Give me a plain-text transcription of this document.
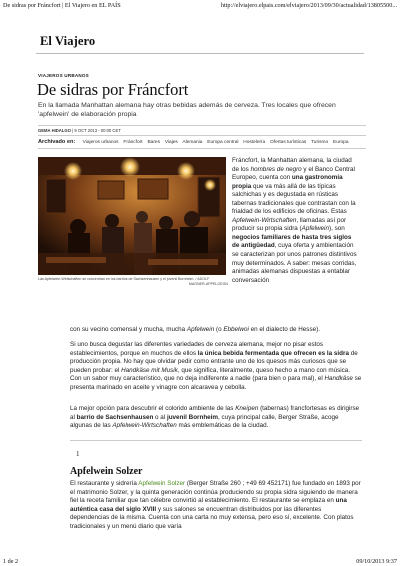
De sidras por Fráncfort | El Viajero en EL PAÍS	http://elviajero.elpais.com/elviajero/2013/09/30/actualidad/13805500...
El Viajero
VIAJEROS URBANOS
De sidras por Fráncfort

En la llamada Manhattan alemana hay otras bebidas además de cerveza. Tres locales que ofrecen 'apfelwein' de elaboración propia

GEMA HIDALGO | 9 OCT 2013 - 00:00 CET
Archivado en: Viajeros urbanos Fráncfort Bares Viajes Alemania Europa central Hostelería Ofertas turísticas Turismo Europa
Las Apfelwein-Wirtschaften se concentran en los barrios de Sachsenhausen y el juvenil Bornheim. / ADOLF
MAGNER-APPELGEGN
Fráncfort, la Manhattan alemana, la ciudad de los hombres de negro y el Banco Central Europeo, cuenta con una gastronomía propia que va más allá de las típicas salchichas y es degustada en rústicas tabernas tradicionales que contrastan con la frialdad de los edificios de oficinas. Estas Apfelwein-Wirtschaften, llamadas así por producir su propia sidra (Apfelwein), son negocios familiares de hasta tres siglos de antigüedad, cuya oferta y ambientación se caracterizan por unos patrones distintivos muy determinados. A saber: mesas corridas, animadas alemanas dispuestas a entablar conversación
con su vecino comensal y mucha, mucha Apfelwein (o Ebbelwoi en el dialecto de Hesse).
Si uno busca degustar las diferentes variedades de cerveza alemana, mejor no pisar estos establecimientos, porque en muchos de ellos la única bebida fermentada que ofrecen es la sidra de producción propia. No hay que olvidar pedir como entrante uno de los quesos más curiosos que se pueden probar: el Handkäse mit Musik, que significa, literalmente, queso hecho a mano con música. Con un sabor muy característico, que no deja indiferente a nadie (para bien o para mal), el Handkäse se presenta marinado en aceite y vinagre con alcaravea y cebolla.
La mejor opción para descubrir el colorido ambiente de las Kneipen (tabernas) francfortesas es dirigirse al barrio de Sachsenhausen o al juvenil Bornheim, cuya principal calle, Berger Straße, acoge algunas de las Apfelwein-Wirtschaften más emblemáticas de la ciudad.
1
Apfelwein Solzer
El restaurante y sidrería Apfelwein Solzer (Berger Straße 260 ; +49 69 452171) fue fundado en 1893 por el matrimonio Solzer, y la quinta generación continúa produciendo su propia sidra siguiendo de manera fiel la receta familiar que tan célebre convirtió al establecimiento. El restaurante se emplaza en una auténtica casa del siglo XVIII y sus salones se encuentran distribuidos por las diferentes dependencias de la misma. Cuenta con una carta no muy extensa, pero eso sí, excelente. Con platos tradicionales y un menú diario que varía
1 de 2	09/10/2013 9:37
